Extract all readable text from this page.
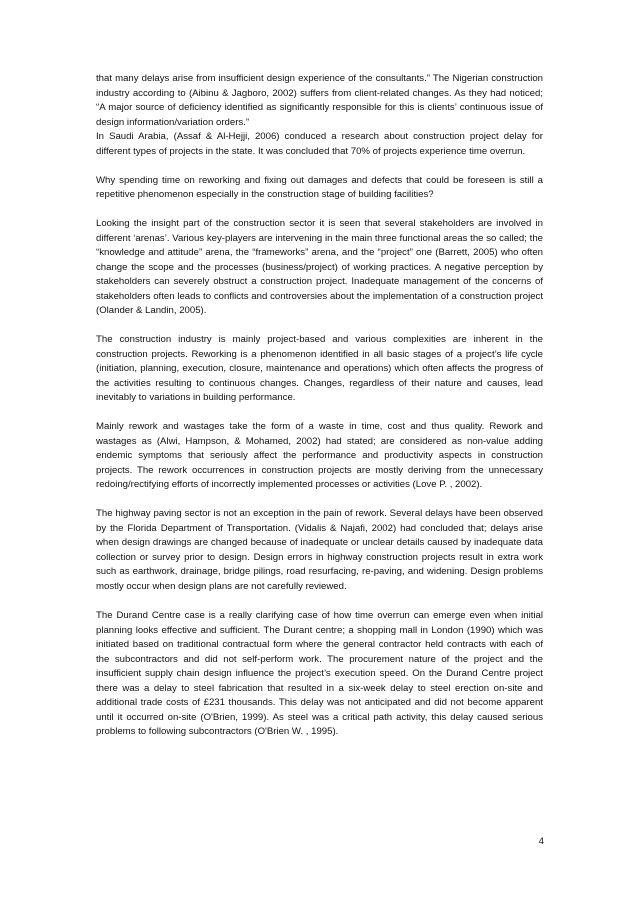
that many delays arise from insufficient design experience of the consultants.” The Nigerian construction industry according to (Aibinu & Jagboro, 2002) suffers from client-related changes. As they had noticed; “A major source of deficiency identified as significantly responsible for this is clients’ continuous issue of design information/variation orders.”
In Saudi Arabia, (Assaf & Al-Hejji, 2006) conduced a research about construction project delay for different types of projects in the state. It was concluded that 70% of projects experience time overrun.

Why spending time on reworking and fixing out damages and defects that could be foreseen is still a repetitive phenomenon especially in the construction stage of building facilities?

Looking the insight part of the construction sector it is seen that several stakeholders are involved in different ‘arenas’. Various key-players are intervening in the main three functional areas the so called; the “knowledge and attitude” arena, the “frameworks” arena, and the “project” one (Barrett, 2005) who often change the scope and the processes (business/project) of working practices. A negative perception by stakeholders can severely obstruct a construction project. Inadequate management of the concerns of stakeholders often leads to conflicts and controversies about the implementation of a construction project (Olander & Landin, 2005).

The construction industry is mainly project-based and various complexities are inherent in the construction projects. Reworking is a phenomenon identified in all basic stages of a project’s life cycle (initiation, planning, execution, closure, maintenance and operations) which often affects the progress of the activities resulting to continuous changes. Changes, regardless of their nature and causes, lead inevitably to variations in building performance.

Mainly rework and wastages take the form of a waste in time, cost and thus quality. Rework and wastages as (Alwi, Hampson, & Mohamed, 2002) had stated; are considered as non-value adding endemic symptoms that seriously affect the performance and productivity aspects in construction projects. The rework occurrences in construction projects are mostly deriving from the unnecessary redoing/rectifying efforts of incorrectly implemented processes or activities (Love P. , 2002).

The highway paving sector is not an exception in the pain of rework. Several delays have been observed by the Florida Department of Transportation. (Vidalis & Najafi, 2002) had concluded that; delays arise when design drawings are changed because of inadequate or unclear details caused by inadequate data collection or survey prior to design. Design errors in highway construction projects result in extra work such as earthwork, drainage, bridge pilings, road resurfacing, re-paving, and widening. Design problems mostly occur when design plans are not carefully reviewed.

The Durand Centre case is a really clarifying case of how time overrun can emerge even when initial planning looks effective and sufficient. The Durant centre; a shopping mall in London (1990) which was initiated based on traditional contractual form where the general contractor held contracts with each of the subcontractors and did not self-perform work. The procurement nature of the project and the insufficient supply chain design influence the project’s execution speed. On the Durand Centre project there was a delay to steel fabrication that resulted in a six-week delay to steel erection on-site and additional trade costs of £231 thousands. This delay was not anticipated and did not become apparent until it occurred on-site (O'Brien, 1999). As steel was a critical path activity, this delay caused serious problems to following subcontractors (O'Brien W. , 1995).

4
